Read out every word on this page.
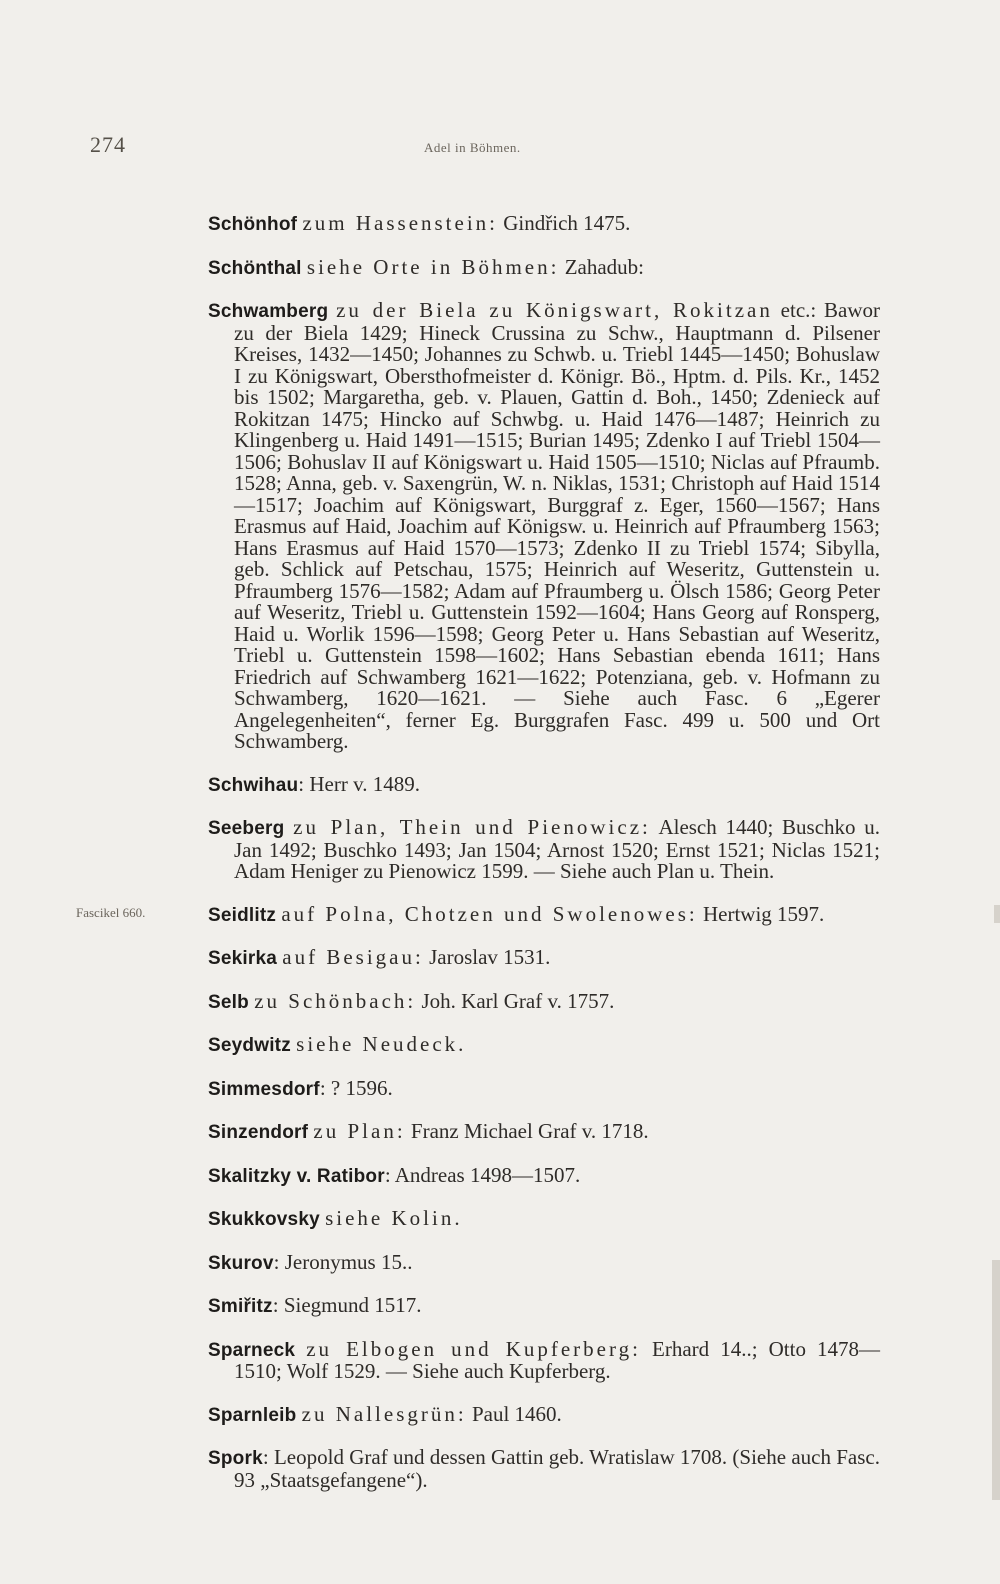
274	Adel in Böhmen.
Fascikel 660.

Schönhof zum Hassenstein: Gindřich 1475.

Schönthal siehe Orte in Böhmen: Zahadub:

Schwamberg zu der Biela zu Königswart, Rokitzan etc.: Bawor zu der Biela 1429; Hineck Crussina zu Schw., Hauptmann d. Pilsener Kreises, 1432—1450; Johannes zu Schwb. u. Triebl 1445—1450; Bohuslaw I zu Königswart, Obersthofmeister d. Königr. Bö., Hptm. d. Pils. Kr., 1452 bis 1502; Margaretha, geb. v. Plauen, Gattin d. Boh., 1450; Zdenieck auf Rokitzan 1475; Hincko auf Schwbg. u. Haid 1476—1487; Heinrich zu Klingenberg u. Haid 1491—1515; Burian 1495; Zdenko I auf Triebl 1504—1506; Bohuslav II auf Königswart u. Haid 1505—1510; Niclas auf Pfraumb. 1528; Anna, geb. v. Saxengrün, W. n. Niklas, 1531; Christoph auf Haid 1514—1517; Joachim auf Königswart, Burggraf z. Eger, 1560—1567; Hans Erasmus auf Haid, Joachim auf Königsw. u. Heinrich auf Pfraumberg 1563; Hans Erasmus auf Haid 1570—1573; Zdenko II zu Triebl 1574; Sibylla, geb. Schlick auf Petschau, 1575; Heinrich auf Weseritz, Guttenstein u. Pfraumberg 1576—1582; Adam auf Pfraumberg u. Ölsch 1586; Georg Peter auf Weseritz, Triebl u. Guttenstein 1592—1604; Hans Georg auf Ronsperg, Haid u. Worlik 1596—1598; Georg Peter u. Hans Sebastian auf Weseritz, Triebl u. Guttenstein 1598—1602; Hans Sebastian ebenda 1611; Hans Friedrich auf Schwamberg 1621—1622; Potenziana, geb. v. Hofmann zu Schwamberg, 1620—1621. — Siehe auch Fasc. 6 „Egerer Angelegenheiten“, ferner Eg. Burggrafen Fasc. 499 u. 500 und Ort Schwamberg.

Schwihau: Herr v. 1489.

Seeberg zu Plan, Thein und Pienowicz: Alesch 1440; Buschko u. Jan 1492; Buschko 1493; Jan 1504; Arnost 1520; Ernst 1521; Niclas 1521; Adam Heniger zu Pienowicz 1599. — Siehe auch Plan u. Thein.

Seidlitz auf Polna, Chotzen und Swolenowes: Hertwig 1597.

Sekirka auf Besigau: Jaroslav 1531.

Selb zu Schönbach: Joh. Karl Graf v. 1757.

Seydwitz siehe Neudeck.

Simmesdorf: ? 1596.

Sinzendorf zu Plan: Franz Michael Graf v. 1718.

Skalitzky v. Ratibor: Andreas 1498—1507.

Skukkovsky siehe Kolin.

Skurov: Jeronymus 15..

Smiřitz: Siegmund 1517.

Sparneck zu Elbogen und Kupferberg: Erhard 14..; Otto 1478—1510; Wolf 1529. — Siehe auch Kupferberg.

Sparnleib zu Nallesgrün: Paul 1460.

Spork: Leopold Graf und dessen Gattin geb. Wratislaw 1708. (Siehe auch Fasc. 93 „Staatsgefangene“).
